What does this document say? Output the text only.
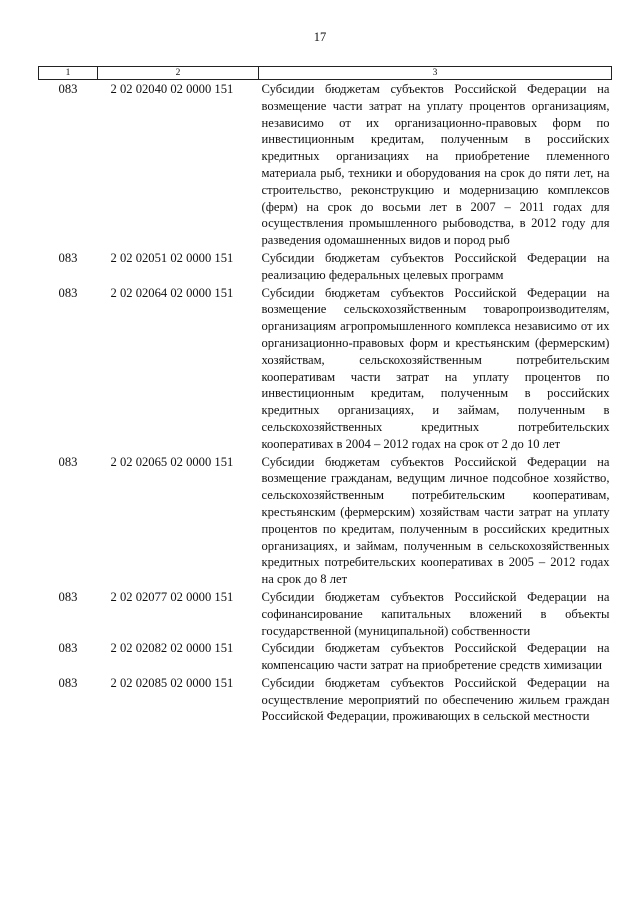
17
1	2	3
083	2 02 02040 02 0000 151	Субсидии бюджетам субъектов Российской Федерации на возмещение части затрат на уплату процентов организациям, независимо от их организационно-правовых форм по инвестиционным кредитам, полученным в российских кредитных организациях на приобретение племенного материала рыб, техники и оборудования на срок до пяти лет, на строительство, реконструкцию и модернизацию комплексов (ферм) на срок до восьми лет в 2007 – 2011 годах для осуществления промышленного рыбоводства, в 2012 году для разведения одомашненных видов и пород рыб
083	2 02 02051 02 0000 151	Субсидии бюджетам субъектов Российской Федерации на реализацию федеральных целевых программ
083	2 02 02064 02 0000 151	Субсидии бюджетам субъектов Российской Федерации на возмещение сельскохозяйственным товаропроизводителям, организациям агропромышленного комплекса независимо от их организационно-правовых форм и крестьянским (фермерским) хозяйствам, сельскохозяйственным потребительским кооперативам части затрат на уплату процентов по инвестиционным кредитам, полученным в российских кредитных организациях, и займам, полученным в сельскохозяйственных кредитных потребительских кооперативах в 2004 – 2012 годах на срок от 2 до 10 лет
083	2 02 02065 02 0000 151	Субсидии бюджетам субъектов Российской Федерации на возмещение гражданам, ведущим личное подсобное хозяйство, сельскохозяйственным потребительским кооперативам, крестьянским (фермерским) хозяйствам части затрат на уплату процентов по кредитам, полученным в российских кредитных организациях, и займам, полученным в сельскохозяйственных кредитных потребительских кооперативах в 2005 – 2012 годах на срок до 8 лет
083	2 02 02077 02 0000 151	Субсидии бюджетам субъектов Российской Федерации на софинансирование капитальных вложений в объекты государственной (муниципальной) собственности
083	2 02 02082 02 0000 151	Субсидии бюджетам субъектов Российской Федерации на компенсацию части затрат на приобретение средств химизации
083	2 02 02085 02 0000 151	Субсидии бюджетам субъектов Российской Федерации на осуществление мероприятий по обеспечению жильем граждан Российской Федерации, проживающих в сельской местности
